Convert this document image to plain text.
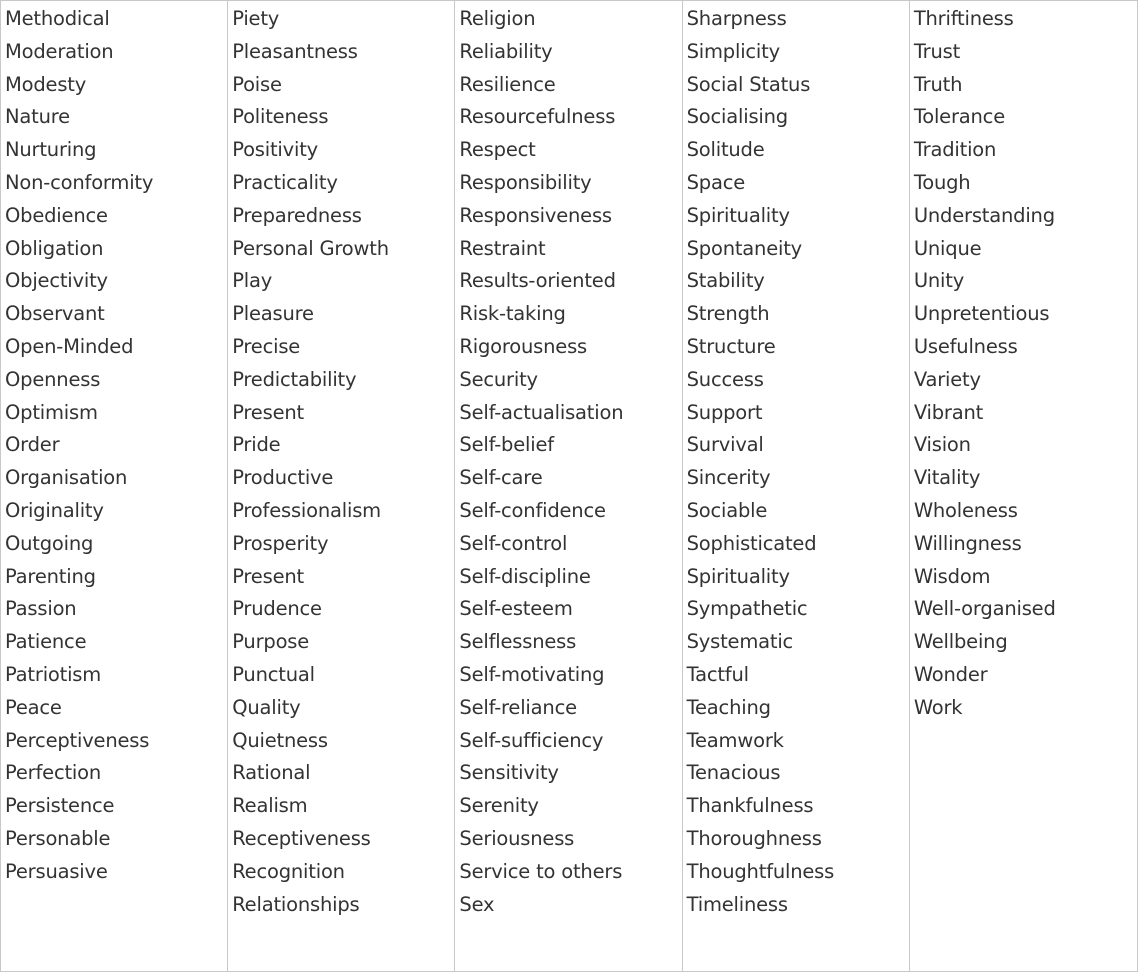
Methodical
Moderation
Modesty
Nature
Nurturing
Non-conformity
Obedience
Obligation
Objectivity
Observant
Open-Minded
Openness
Optimism
Order
Organisation
Originality
Outgoing
Parenting
Passion
Patience
Patriotism
Peace
Perceptiveness
Perfection
Persistence
Personable
Persuasive
Piety
Pleasantness
Poise
Politeness
Positivity
Practicality
Preparedness
Personal Growth
Play
Pleasure
Precise
Predictability
Present
Pride
Productive
Professionalism
Prosperity
Present
Prudence
Purpose
Punctual
Quality
Quietness
Rational
Realism
Receptiveness
Recognition
Relationships
Religion
Reliability
Resilience
Resourcefulness
Respect
Responsibility
Responsiveness
Restraint
Results-oriented
Risk-taking
Rigorousness
Security
Self-actualisation
Self-belief
Self-care
Self-confidence
Self-control
Self-discipline
Self-esteem
Selflessness
Self-motivating
Self-reliance
Self-sufficiency
Sensitivity
Serenity
Seriousness
Service to others
Sex
Sharpness
Simplicity
Social Status
Socialising
Solitude
Space
Spirituality
Spontaneity
Stability
Strength
Structure
Success
Support
Survival
Sincerity
Sociable
Sophisticated
Spirituality
Sympathetic
Systematic
Tactful
Teaching
Teamwork
Tenacious
Thankfulness
Thoroughness
Thoughtfulness
Timeliness
Thriftiness
Trust
Truth
Tolerance
Tradition
Tough
Understanding
Unique
Unity
Unpretentious
Usefulness
Variety
Vibrant
Vision
Vitality
Wholeness
Willingness
Wisdom
Well-organised
Wellbeing
Wonder
Work
